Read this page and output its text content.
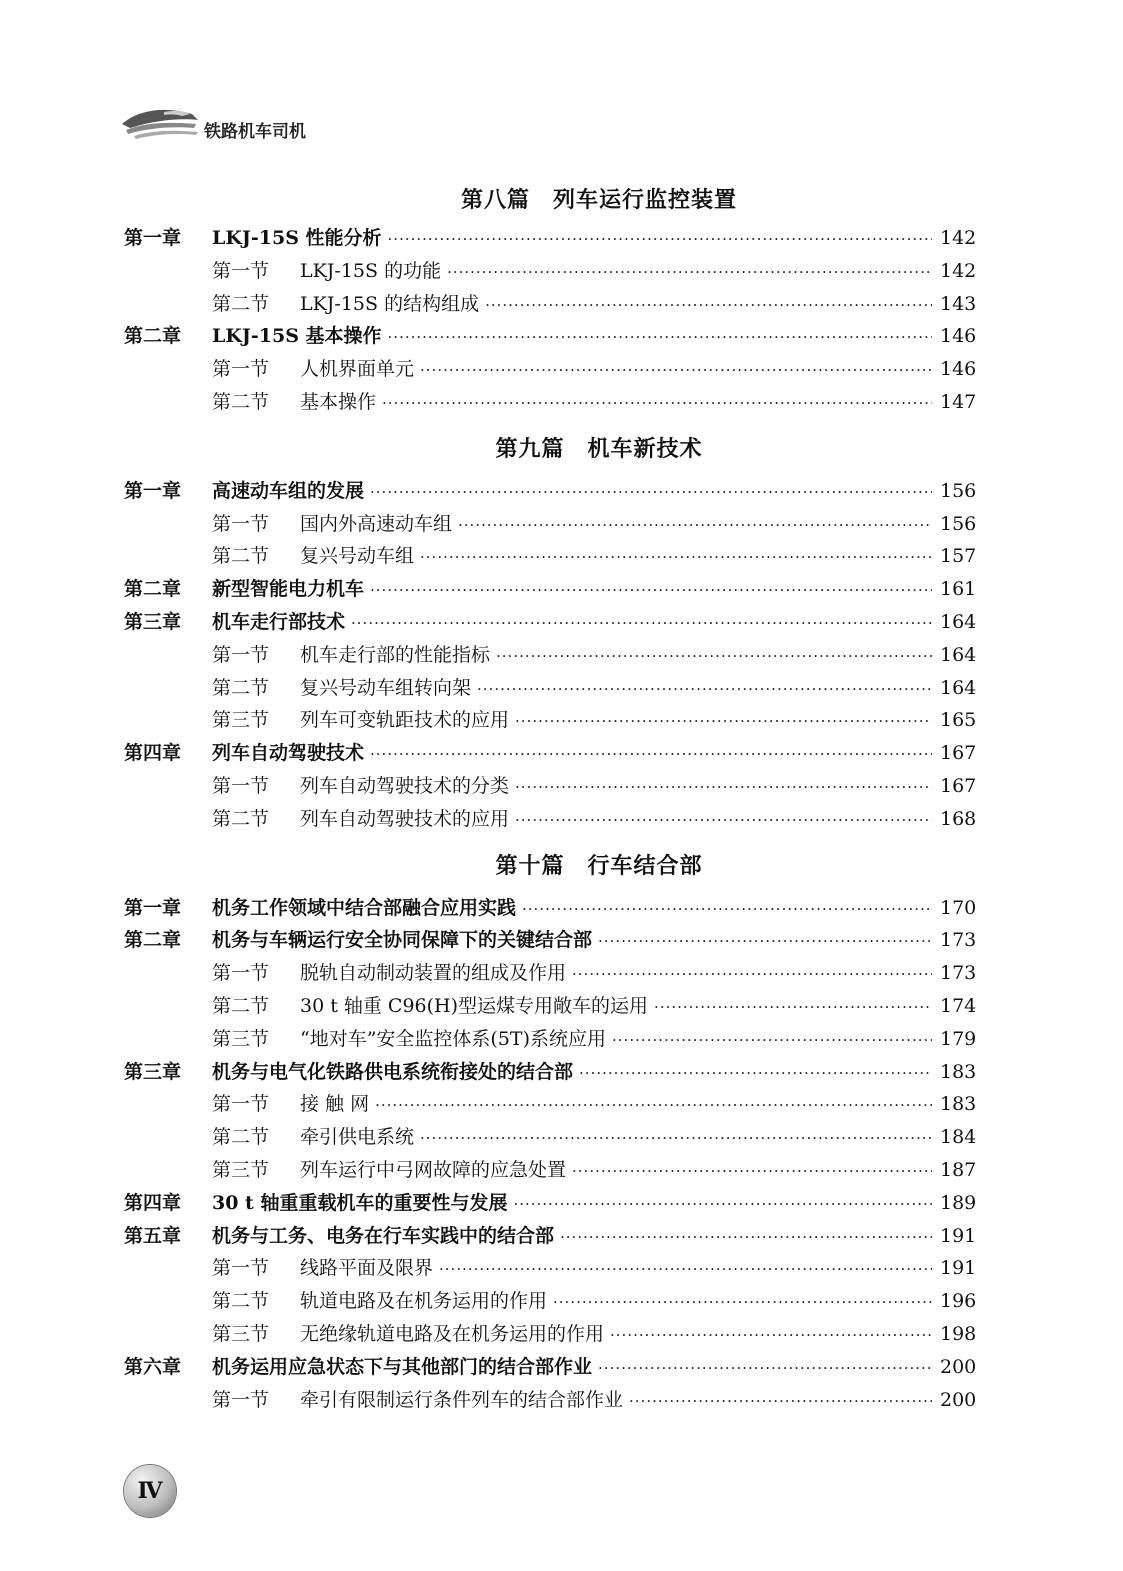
铁路机车司机
第八篇　列车运行监控装置
第一章	LKJ-15S 性能分析 ·····	142
第一节	LKJ-15S 的功能 ·····	142
第二节	LKJ-15S 的结构组成 ·····	143
第二章	LKJ-15S 基本操作 ·····	146
第一节	人机界面单元 ·····	146
第二节	基本操作 ·····	147
第九篇　机车新技术
第一章	高速动车组的发展 ·····	156
第一节	国内外高速动车组 ·····	156
第二节	复兴号动车组 ·····	157
第二章	新型智能电力机车 ·····	161
第三章	机车走行部技术 ·····	164
第一节	机车走行部的性能指标 ·····	164
第二节	复兴号动车组转向架 ·····	164
第三节	列车可变轨距技术的应用 ·····	165
第四章	列车自动驾驶技术 ·····	167
第一节	列车自动驾驶技术的分类 ·····	167
第二节	列车自动驾驶技术的应用 ·····	168
第十篇　行车结合部
第一章	机务工作领域中结合部融合应用实践 ·····	170
第二章	机务与车辆运行安全协同保障下的关键结合部 ·····	173
第一节	脱轨自动制动装置的组成及作用 ·····	173
第二节	30 t 轴重 C96(H)型运煤专用敞车的运用 ·····	174
第三节	“地对车”安全监控体系(5T)系统应用 ·····	179
第三章	机务与电气化铁路供电系统衔接处的结合部 ·····	183
第一节	接 触 网 ·····	183
第二节	牵引供电系统 ·····	184
第三节	列车运行中弓网故障的应急处置 ·····	187
第四章	30 t 轴重重载机车的重要性与发展 ·····	189
第五章	机务与工务、电务在行车实践中的结合部 ·····	191
第一节	线路平面及限界 ·····	191
第二节	轨道电路及在机务运用的作用 ·····	196
第三节	无绝缘轨道电路及在机务运用的作用 ·····	198
第六章	机务运用应急状态下与其他部门的结合部作业 ·····	200
第一节	牵引有限制运行条件列车的结合部作业 ·····	200
Ⅳ
